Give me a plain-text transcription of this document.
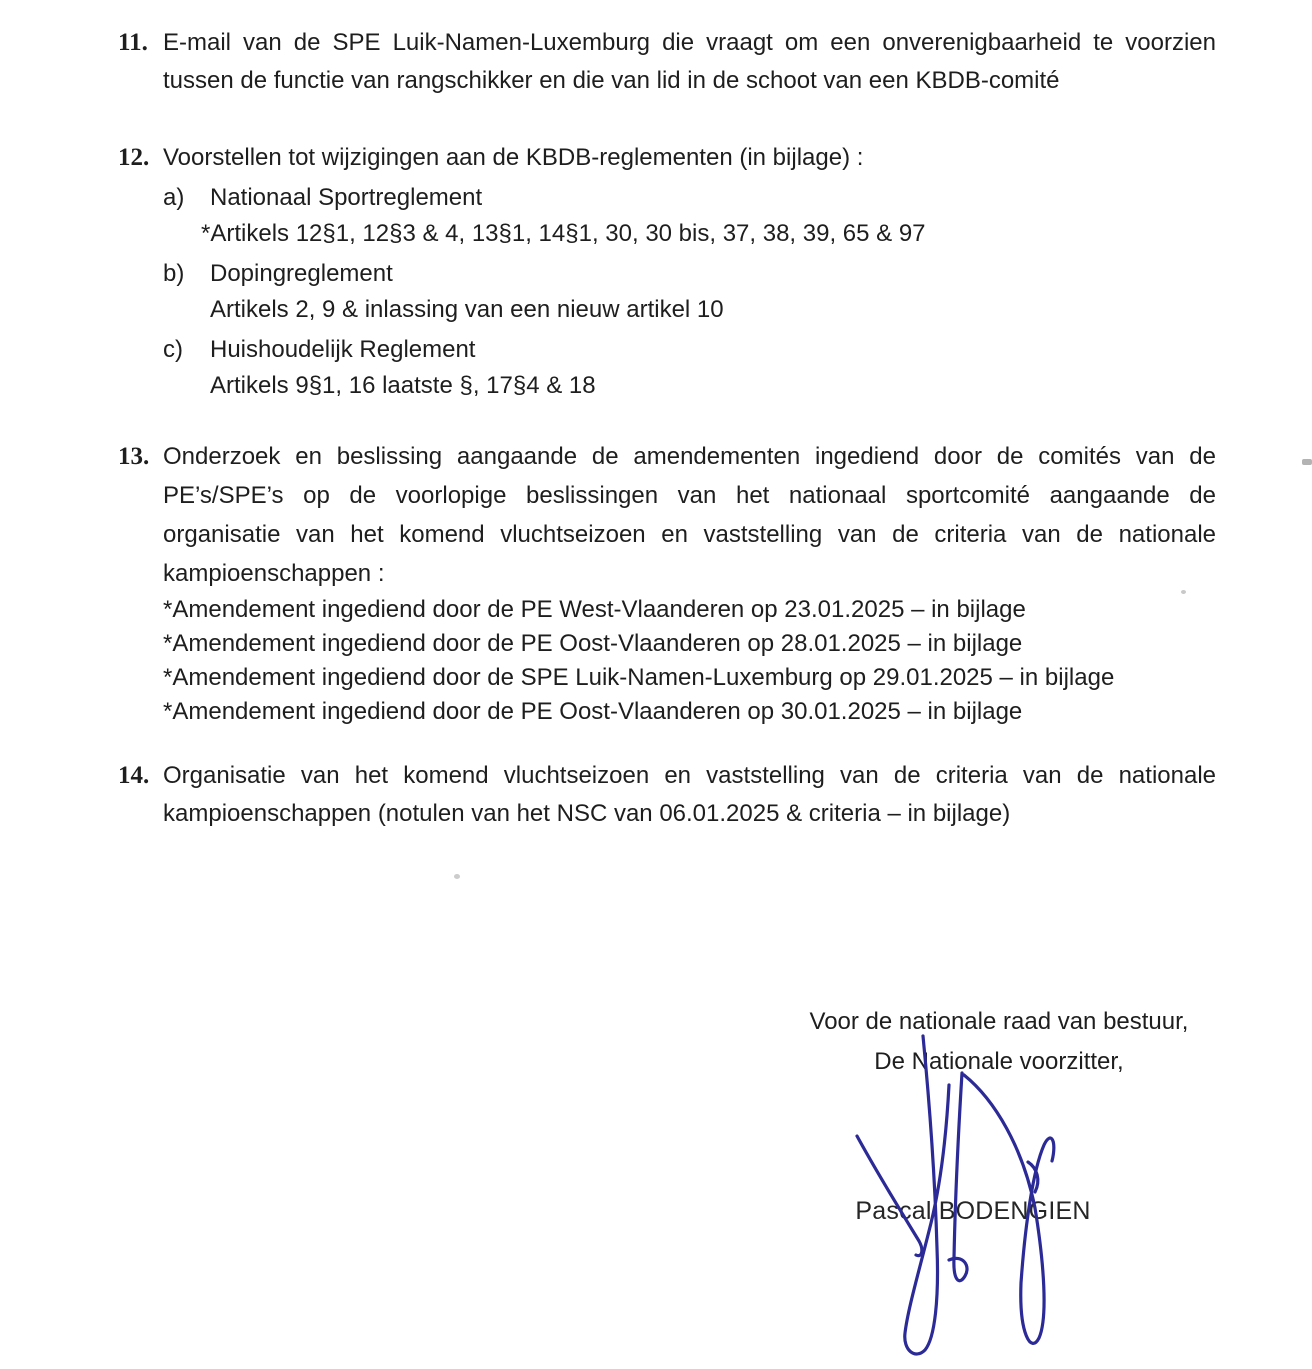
11. E-mail van de SPE Luik-Namen-Luxemburg die vraagt om een onverenigbaarheid te voorzien
tussen de functie van rangschikker en die van lid in de schoot van een KBDB-comité
12. Voorstellen tot wijzigingen aan de KBDB-reglementen (in bijlage) :
a) Nationaal Sportreglement
*Artikels 12§1, 12§3 & 4, 13§1, 14§1, 30, 30 bis, 37, 38, 39, 65 & 97
b) Dopingreglement
Artikels 2, 9 & inlassing van een nieuw artikel 10
c) Huishoudelijk Reglement
Artikels 9§1, 16 laatste §, 17§4 & 18
13. Onderzoek en beslissing aangaande de amendementen ingediend door de comités van de
PE’s/SPE’s op de voorlopige beslissingen van het nationaal sportcomité aangaande de
organisatie van het komend vluchtseizoen en vaststelling van de criteria van de nationale
kampioenschappen :
*Amendement ingediend door de PE West-Vlaanderen op 23.01.2025 – in bijlage
*Amendement ingediend door de PE Oost-Vlaanderen op 28.01.2025 – in bijlage
*Amendement ingediend door de SPE Luik-Namen-Luxemburg op 29.01.2025 – in bijlage
*Amendement ingediend door de PE Oost-Vlaanderen op 30.01.2025 – in bijlage
14. Organisatie van het komend vluchtseizoen en vaststelling van de criteria van de nationale
kampioenschappen (notulen van het NSC van 06.01.2025 & criteria – in bijlage)
Voor de nationale raad van bestuur,
De Nationale voorzitter,
Pascal BODENGIEN
